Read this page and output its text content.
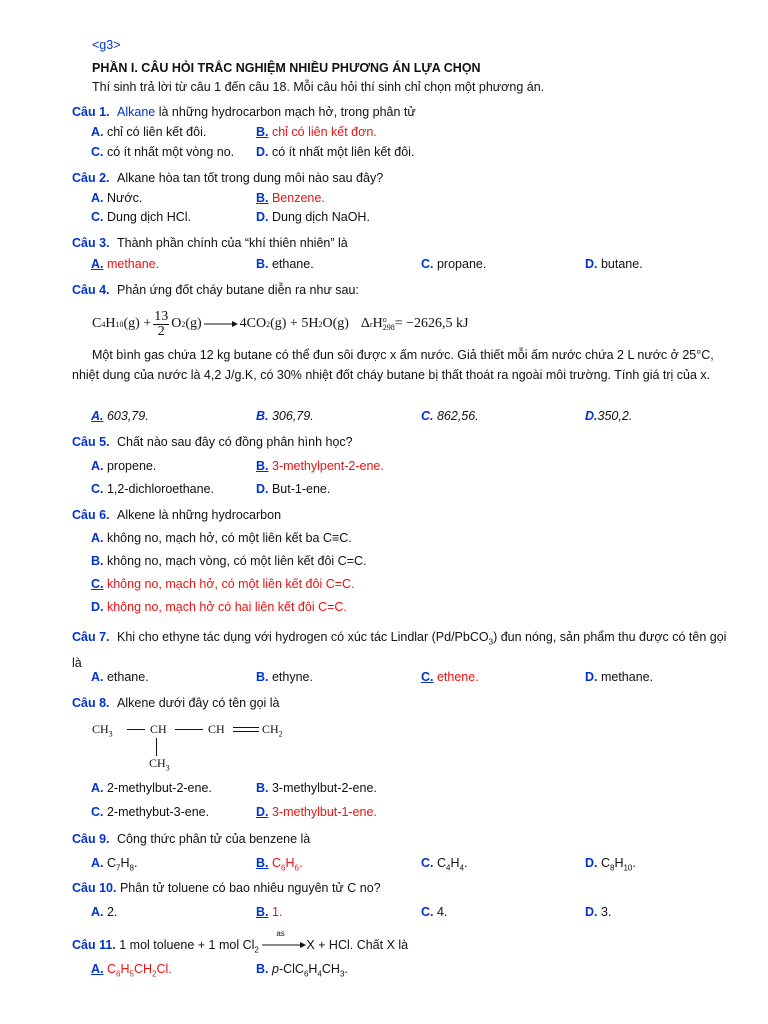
<g3>
PHẦN I. CÂU HỎI TRẮC NGHIỆM NHIỀU PHƯƠNG ÁN LỰA CHỌN
Thí sinh trả lời từ câu 1 đến câu 18. Mỗi câu hỏi thí sinh chỉ chọn một phương án.
Câu 1. Alkane là những hydrocarbon mạch hở, trong phân tử
A. chỉ có liên kết đôi.	B. chỉ có liên kết đơn.
C. có ít nhất một vòng no. D. có ít nhất một liên kết đôi.
Câu 2. Alkane hòa tan tốt trong dung môi nào sau đây?
A. Nước.	B. Benzene.
C. Dung dịch HCl.	D. Dung dịch NaOH.
Câu 3. Thành phần chính của “khí thiên nhiên” là
A. methane.	B. ethane.	C. propane.	D. butane.
Câu 4. Phản ứng đốt cháy butane diễn ra như sau:
C 4 H 10 $(g) + \frac{13}{2}$ O 2 (g) → 4CO 2 (g) + 5H 2 O(g) Δ r H o
298 = −2626,5 kJ
Một bình gas chứa 12 kg butane có thể đun sôi được x ấm nước. Giả thiết mỗi ấm nước chứa 2 L nước ở 25°C, nhiệt dung của nước là 4,2 J/g.K, có 30% nhiệt đốt cháy butane bị thất thoát ra ngoài môi trường. Tính giá trị của x.
A. 603,79.	B. 306,79.	C. 862,56.	D.350,2.
Câu 5. Chất nào sau đây có đồng phân hình học?
A. propene.	B. 3-methylpent-2-ene.
C. 1,2-dichloroethane.	D. But-1-ene.
Câu 6. Alkene là những hydrocarbon
A. không no, mạch hở, có một liên kết ba C≡C.
B. không no, mạch vòng, có một liên kết đôi C=C.
C. không no, mạch hở, có một liên kết đôi C=C.
D. không no, mạch hở có hai liên kết đôi C=C.
Câu 7. Khi cho ethyne tác dụng với hydrogen có xúc tác Lindlar (Pd/PbCO$_3$) đun nóng, sản phẩm thu được có tên gọi là
A. ethane.	B. ethyne.	C. ethene.	D. methane.
Câu 8. Alkene dưới đây có tên gọi là
$CH_3$	CH	CH	$CH_2$
$CH_3$
A. 2-methylbut-2-ene.	B. 3-methylbut-2-ene.
C. 2-methybut-3-ene.	D. 3-methylbut-1-ene.
Câu 9. Công thức phân tử của benzene là
A. $C_7H_8$.	B. $C_6H_6$.	C. $C_4H_4$.	D. $C_8H_{10}$.
Câu 10. Phân tử toluene có bao nhiêu nguyên tử C no?
A. 2.	B. 1.	C. 4.	D. 3.
Câu 11. 1 mol toluene + 1 mol $Cl_2$
as
X + HCl. Chất X là
A. $C_6H_5CH_2Cl$.	B. $p-ClC_6H_4CH_3$.
